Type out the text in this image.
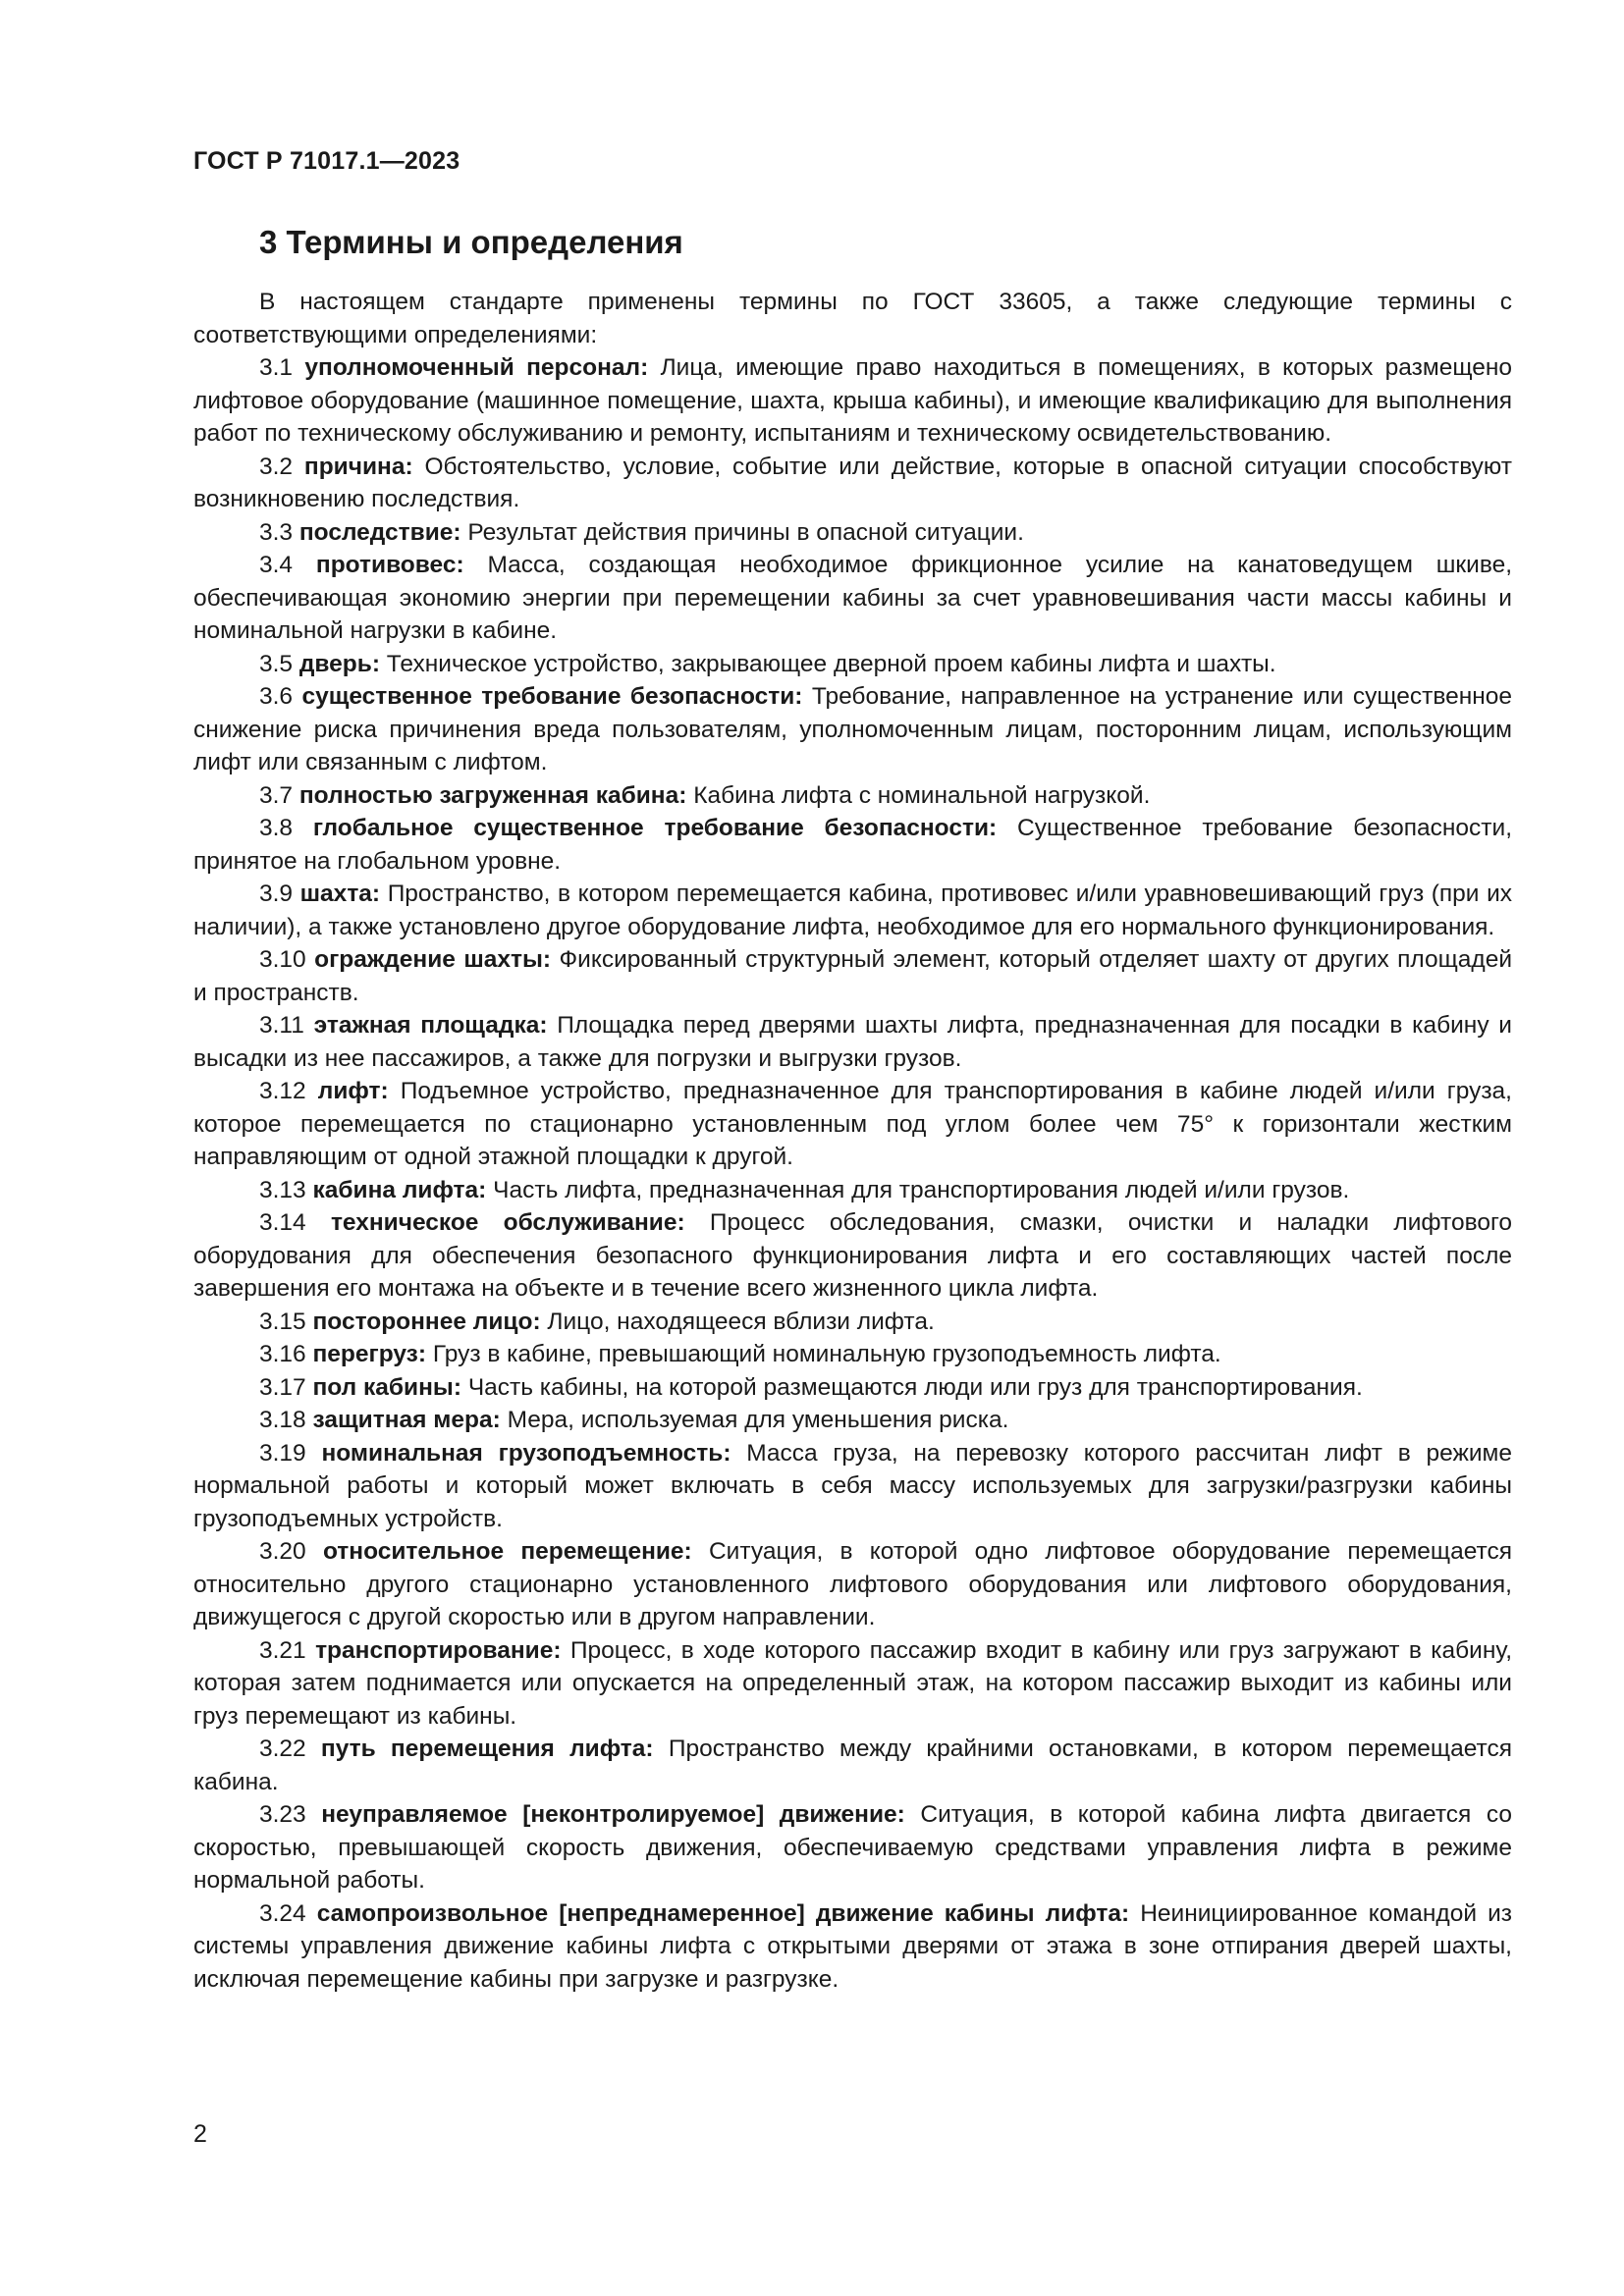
ГОСТ Р 71017.1—2023
3 Термины и определения

В настоящем стандарте применены термины по ГОСТ 33605, а также следующие термины с соответствующими определениями:

3.1 уполномоченный персонал: Лица, имеющие право находиться в помещениях, в которых размещено лифтовое оборудование (машинное помещение, шахта, крыша кабины), и имеющие квалификацию для выполнения работ по техническому обслуживанию и ремонту, испытаниям и техническому освидетельствованию.

3.2 причина: Обстоятельство, условие, событие или действие, которые в опасной ситуации способствуют возникновению последствия.

3.3 последствие: Результат действия причины в опасной ситуации.

3.4 противовес: Масса, создающая необходимое фрикционное усилие на канатоведущем шкиве, обеспечивающая экономию энергии при перемещении кабины за счет уравновешивания части массы кабины и номинальной нагрузки в кабине.

3.5 дверь: Техническое устройство, закрывающее дверной проем кабины лифта и шахты.

3.6 существенное требование безопасности: Требование, направленное на устранение или существенное снижение риска причинения вреда пользователям, уполномоченным лицам, посторонним лицам, использующим лифт или связанным с лифтом.

3.7 полностью загруженная кабина: Кабина лифта с номинальной нагрузкой.

3.8 глобальное существенное требование безопасности: Существенное требование безопасности, принятое на глобальном уровне.

3.9 шахта: Пространство, в котором перемещается кабина, противовес и/или уравновешивающий груз (при их наличии), а также установлено другое оборудование лифта, необходимое для его нормального функционирования.

3.10 ограждение шахты: Фиксированный структурный элемент, который отделяет шахту от других площадей и пространств.

3.11 этажная площадка: Площадка перед дверями шахты лифта, предназначенная для посадки в кабину и высадки из нее пассажиров, а также для погрузки и выгрузки грузов.

3.12 лифт: Подъемное устройство, предназначенное для транспортирования в кабине людей и/или груза, которое перемещается по стационарно установленным под углом более чем 75° к горизонтали жестким направляющим от одной этажной площадки к другой.

3.13 кабина лифта: Часть лифта, предназначенная для транспортирования людей и/или грузов.

3.14 техническое обслуживание: Процесс обследования, смазки, очистки и наладки лифтового оборудования для обеспечения безопасного функционирования лифта и его составляющих частей после завершения его монтажа на объекте и в течение всего жизненного цикла лифта.

3.15 постороннее лицо: Лицо, находящееся вблизи лифта.

3.16 перегруз: Груз в кабине, превышающий номинальную грузоподъемность лифта.

3.17 пол кабины: Часть кабины, на которой размещаются люди или груз для транспортирования.

3.18 защитная мера: Мера, используемая для уменьшения риска.

3.19 номинальная грузоподъемность: Масса груза, на перевозку которого рассчитан лифт в режиме нормальной работы и который может включать в себя массу используемых для загрузки/разгрузки кабины грузоподъемных устройств.

3.20 относительное перемещение: Ситуация, в которой одно лифтовое оборудование перемещается относительно другого стационарно установленного лифтового оборудования или лифтового оборудования, движущегося с другой скоростью или в другом направлении.

3.21 транспортирование: Процесс, в ходе которого пассажир входит в кабину или груз загружают в кабину, которая затем поднимается или опускается на определенный этаж, на котором пассажир выходит из кабины или груз перемещают из кабины.

3.22 путь перемещения лифта: Пространство между крайними остановками, в котором перемещается кабина.

3.23 неуправляемое [неконтролируемое] движение: Ситуация, в которой кабина лифта двигается со скоростью, превышающей скорость движения, обеспечиваемую средствами управления лифта в режиме нормальной работы.

3.24 самопроизвольное [непреднамеренное] движение кабины лифта: Неинициированное командой из системы управления движение кабины лифта с открытыми дверями от этажа в зоне отпирания дверей шахты, исключая перемещение кабины при загрузке и разгрузке.

2
